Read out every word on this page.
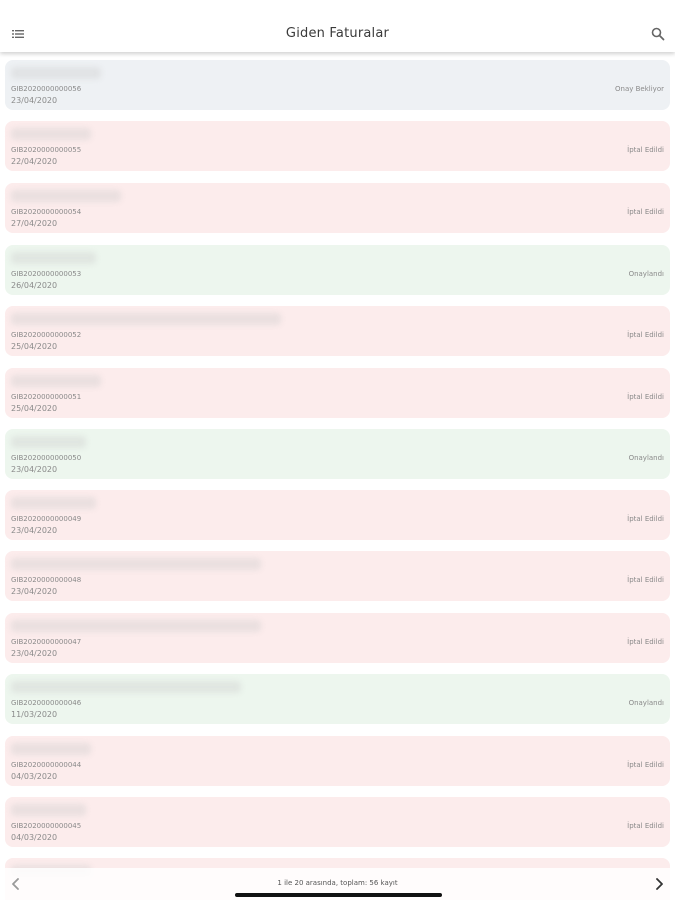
Giden Faturalar
GIB2020000000056
23/04/2020
Onay Bekliyor
GIB2020000000055
22/04/2020
İptal Edildi
GIB2020000000054
27/04/2020
İptal Edildi
GIB2020000000053
26/04/2020
Onaylandı
GIB2020000000052
25/04/2020
İptal Edildi
GIB2020000000051
25/04/2020
İptal Edildi
GIB2020000000050
23/04/2020
Onaylandı
GIB2020000000049
23/04/2020
İptal Edildi
GIB2020000000048
23/04/2020
İptal Edildi
GIB2020000000047
23/04/2020
İptal Edildi
GIB2020000000046
11/03/2020
Onaylandı
GIB2020000000044
04/03/2020
İptal Edildi
GIB2020000000045
04/03/2020
İptal Edildi
1 ile 20 arasında, toplam: 56 kayıt
